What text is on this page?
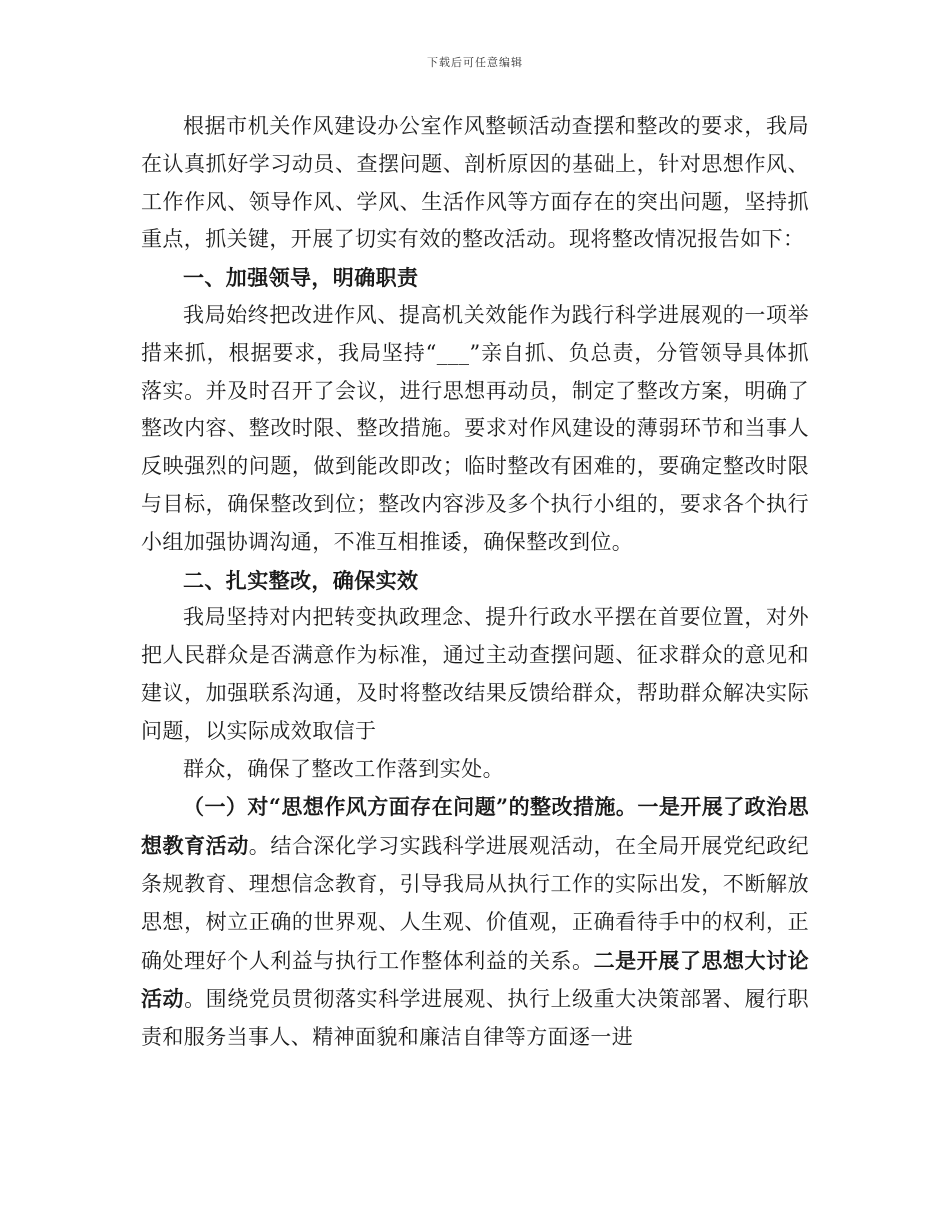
下载后可任意编辑

根据市机关作风建设办公室作风整顿活动查摆和整改的要求，我局在认真抓好学习动员、查摆问题、剖析原因的基础上，针对思想作风、工作作风、领导作风、学风、生活作风等方面存在的突出问题，坚持抓重点，抓关键，开展了切实有效的整改活动。现将整改情况报告如下：

一、加强领导，明确职责

我局始终把改进作风、提高机关效能作为践行科学进展观的一项举措来抓，根据要求，我局坚持“___”亲自抓、负总责，分管领导具体抓落实。并及时召开了会议，进行思想再动员，制定了整改方案，明确了整改内容、整改时限、整改措施。要求对作风建设的薄弱环节和当事人反映强烈的问题，做到能改即改；临时整改有困难的，要确定整改时限与目标，确保整改到位；整改内容涉及多个执行小组的，要求各个执行小组加强协调沟通，不准互相推诿，确保整改到位。

二、扎实整改，确保实效

我局坚持对内把转变执政理念、提升行政水平摆在首要位置，对外把人民群众是否满意作为标准，通过主动查摆问题、征求群众的意见和建议，加强联系沟通，及时将整改结果反馈给群众，帮助群众解决实际问题，以实际成效取信于

群众，确保了整改工作落到实处。

（一）对“思想作风方面存在问题”的整改措施。一是开展了政治思想教育活动。结合深化学习实践科学进展观活动，在全局开展党纪政纪条规教育、理想信念教育，引导我局从执行工作的实际出发，不断解放思想，树立正确的世界观、人生观、价值观，正确看待手中的权利，正确处理好个人利益与执行工作整体利益的关系。二是开展了思想大讨论活动。围绕党员贯彻落实科学进展观、执行上级重大决策部署、履行职责和服务当事人、精神面貌和廉洁自律等方面逐一进
